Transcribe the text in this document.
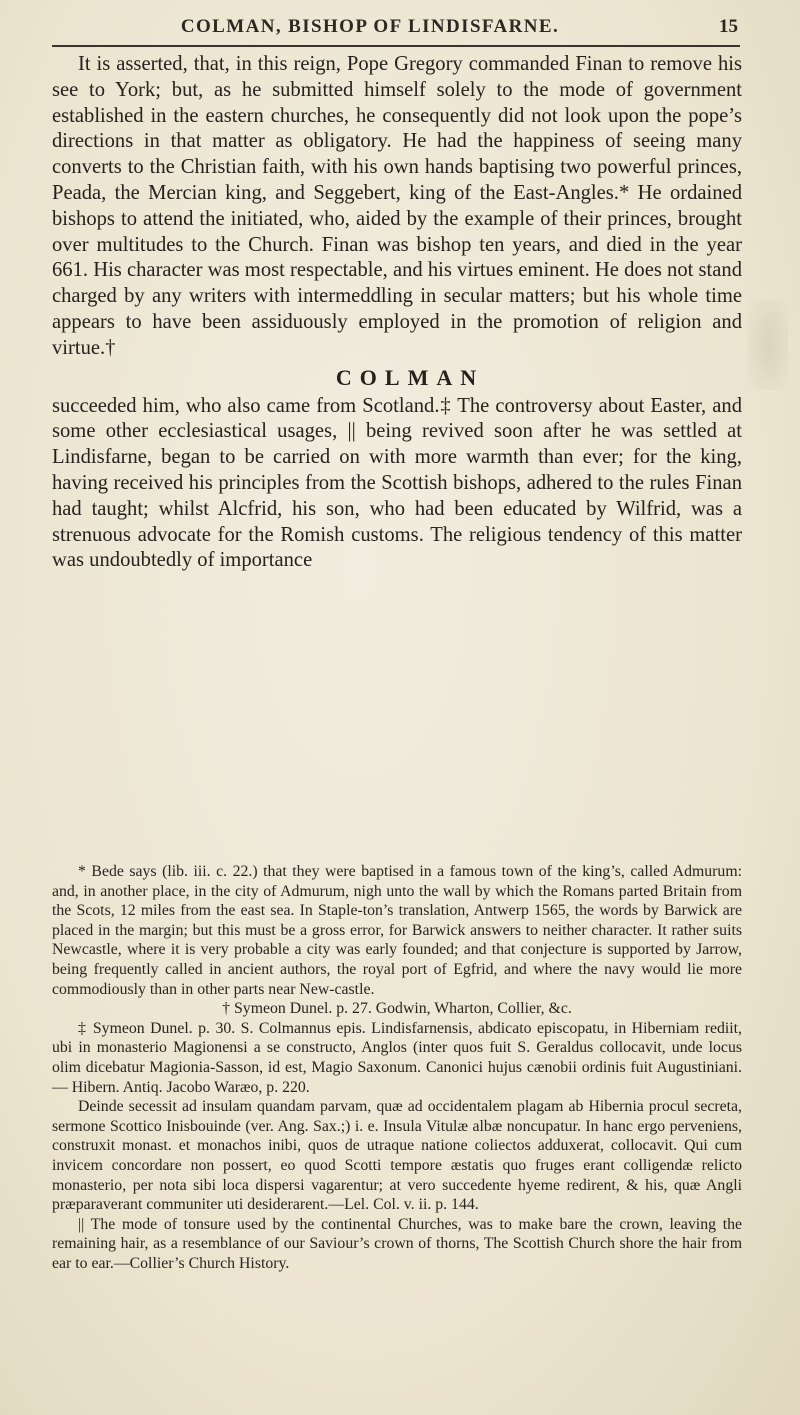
COLMAN, BISHOP OF LINDISFARNE.	15

It is asserted, that, in this reign, Pope Gregory commanded Finan to remove his see to York; but, as he submitted himself solely to the mode of government established in the eastern churches, he consequently did not look upon the pope’s directions in that matter as obligatory. He had the happiness of seeing many converts to the Christian faith, with his own hands baptising two powerful princes, Peada, the Mercian king, and Seggebert, king of the East-Angles.* He ordained bishops to attend the initiated, who, aided by the example of their princes, brought over multitudes to the Church. Finan was bishop ten years, and died in the year 661. His character was most respectable, and his virtues eminent. He does not stand charged by any writers with intermeddling in secular matters; but his whole time appears to have been assiduously employed in the promotion of religion and virtue.†

COLMAN

succeeded him, who also came from Scotland.‡ The controversy about Easter, and some other ecclesiastical usages, || being revived soon after he was settled at Lindisfarne, began to be carried on with more warmth than ever; for the king, having received his principles from the Scottish bishops, adhered to the rules Finan had taught; whilst Alcfrid, his son, who had been educated by Wilfrid, was a strenuous advocate for the Romish customs. The religious tendency of this matter was undoubtedly of importance

* Bede says (lib. iii. c. 22.) that they were baptised in a famous town of the king’s, called Admurum: and, in another place, in the city of Admurum, nigh unto the wall by which the Romans parted Britain from the Scots, 12 miles from the east sea. In Staple-ton’s translation, Antwerp 1565, the words by Barwick are placed in the margin; but this must be a gross error, for Barwick answers to neither character. It rather suits Newcastle, where it is very probable a city was early founded; and that conjecture is supported by Jarrow, being frequently called in ancient authors, the royal port of Egfrid, and where the navy would lie more commodiously than in other parts near New-castle.

† Symeon Dunel. p. 27. Godwin, Wharton, Collier, &c.

‡ Symeon Dunel. p. 30. S. Colmannus epis. Lindisfarnensis, abdicato episcopatu, in Hiberniam rediit, ubi in monasterio Magionensi a se constructo, Anglos (inter quos fuit S. Geraldus collocavit, unde locus olim dicebatur Magionia-Sasson, id est, Magio Saxonum. Canonici hujus cænobii ordinis fuit Augustiniani.— Hibern. Antiq. Jacobo Waræo, p. 220.

Deinde secessit ad insulam quandam parvam, quæ ad occidentalem plagam ab Hibernia procul secreta, sermone Scottico Inisbouinde (ver. Ang. Sax.;) i. e. Insula Vitulæ albæ noncupatur. In hanc ergo perveniens, construxit monast. et monachos inibi, quos de utraque natione coliectos adduxerat, collocavit. Qui cum invicem concordare non possert, eo quod Scotti tempore æstatis quo fruges erant colligendæ relicto monasterio, per nota sibi loca dispersi vagarentur; at vero succedente hyeme redirent, & his, quæ Angli præparaverant communiter uti desiderarent.—Lel. Col. v. ii. p. 144.

|| The mode of tonsure used by the continental Churches, was to make bare the crown, leaving the remaining hair, as a resemblance of our Saviour’s crown of thorns, The Scottish Church shore the hair from ear to ear.—Collier’s Church History.
